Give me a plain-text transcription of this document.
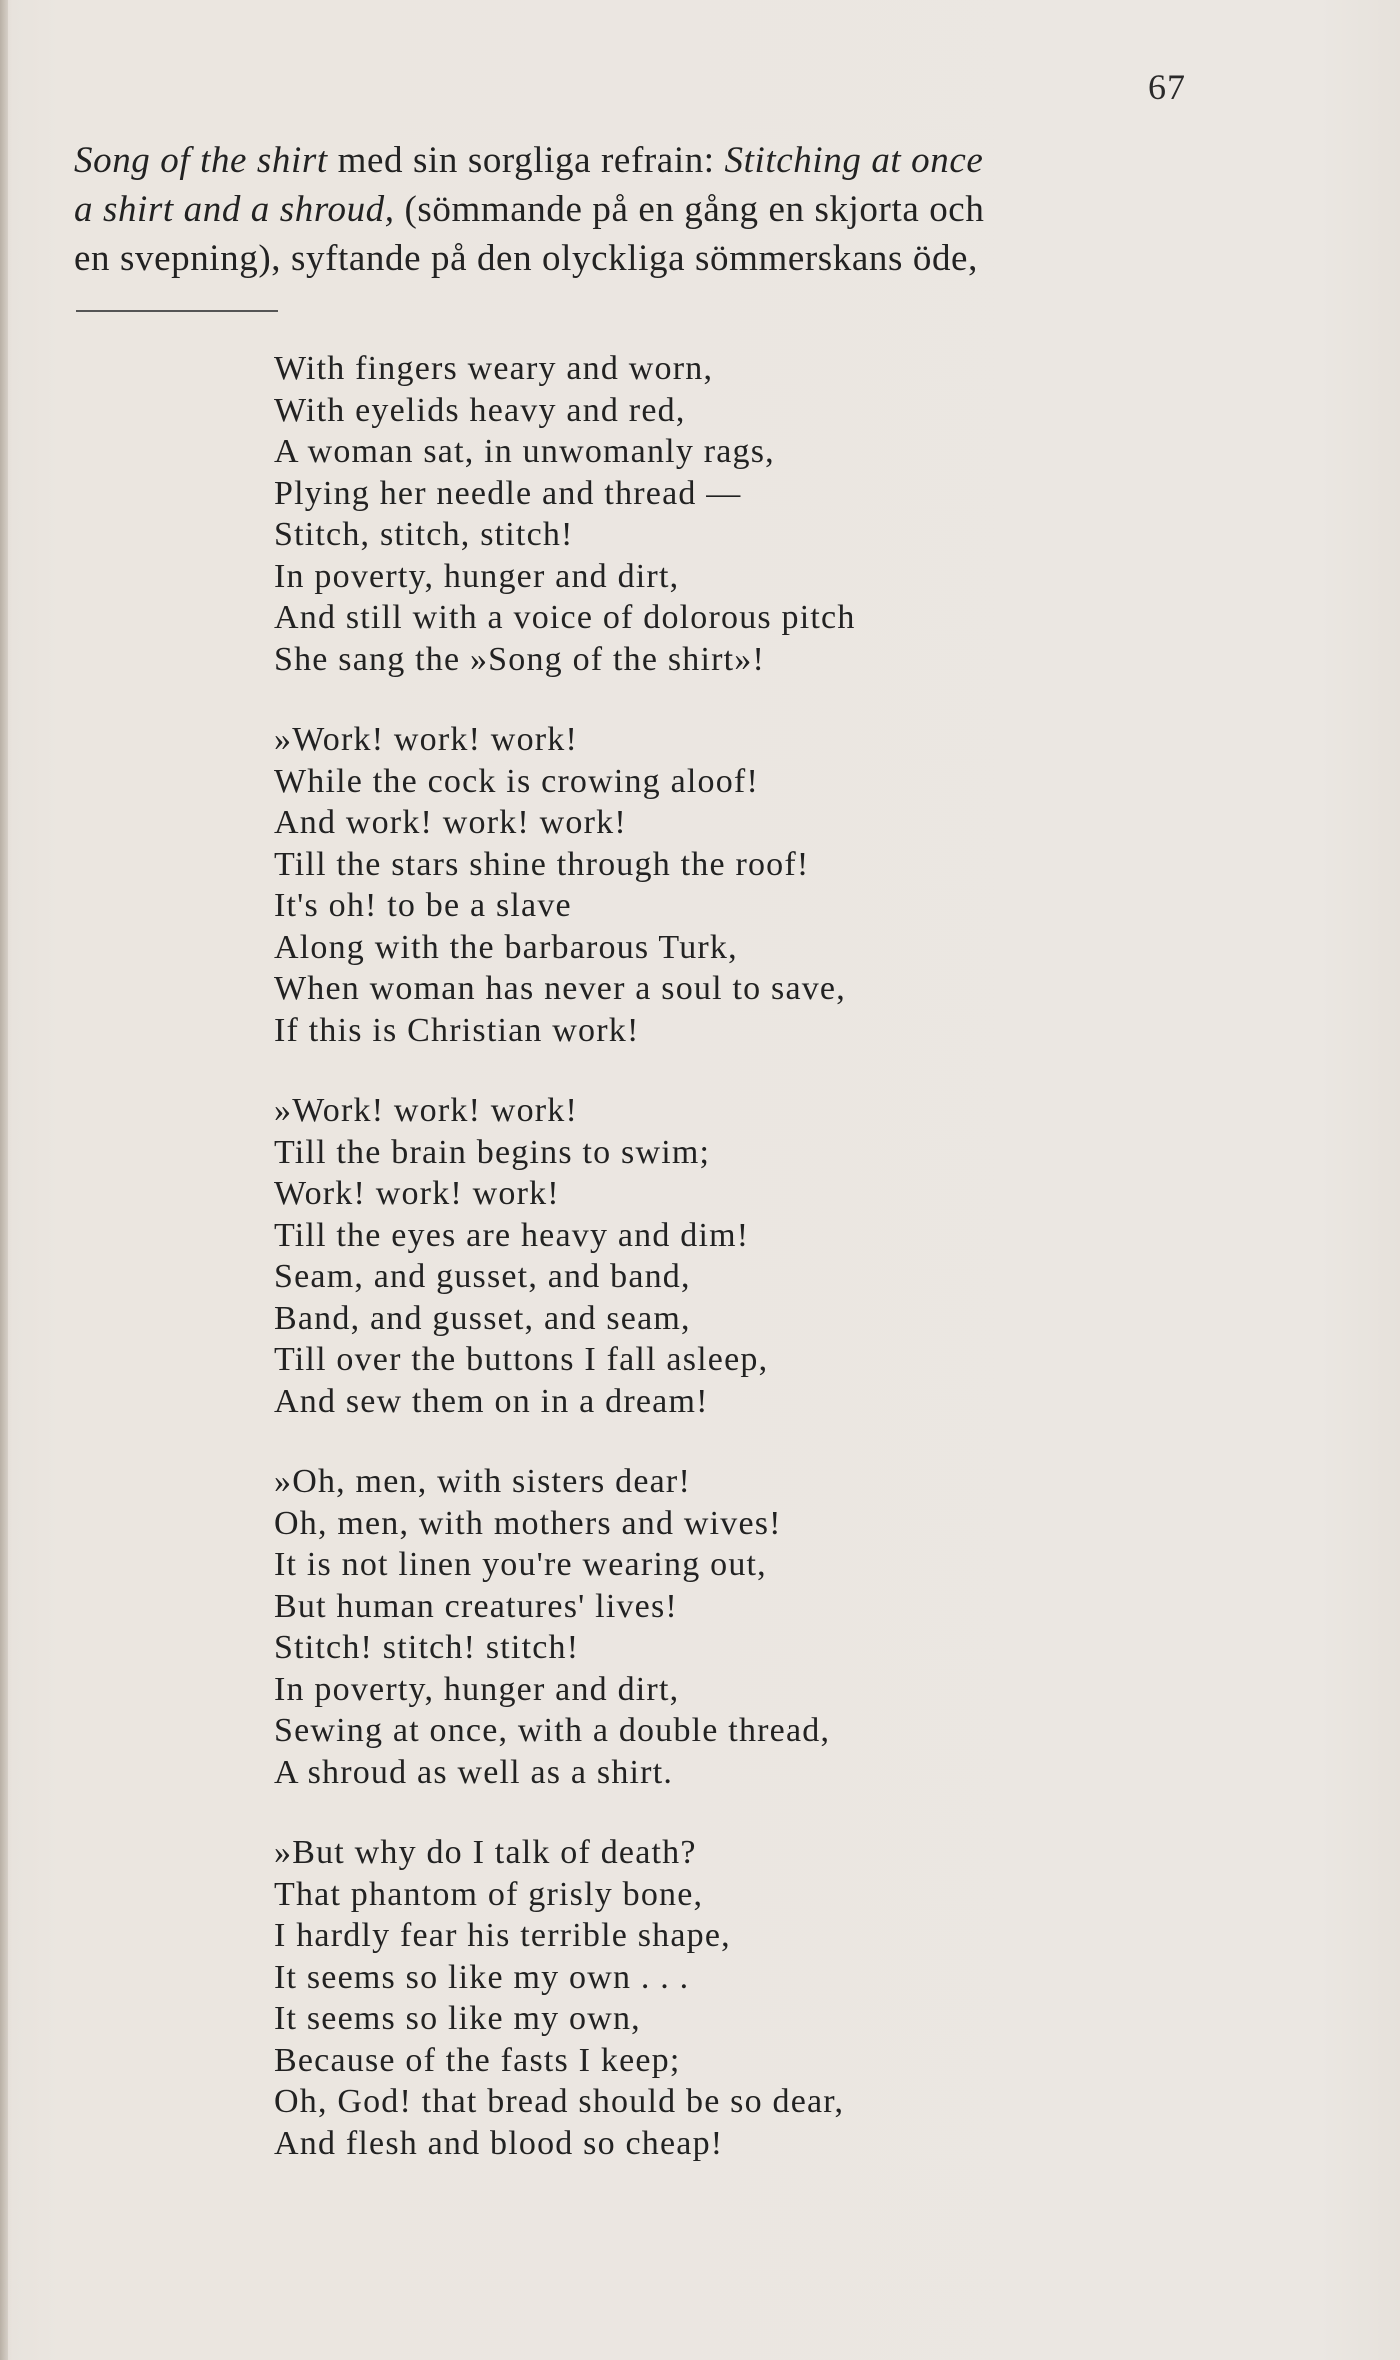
67
Song of the shirt med sin sorgliga refrain: Stitching at once
a shirt and a shroud, (sömmande på en gång en skjorta och
en svepning), syftande på den olyckliga sömmerskans öde,
With fingers weary and worn,
With eyelids heavy and red,
A woman sat, in unwomanly rags,
Plying her needle and thread —
Stitch, stitch, stitch!
In poverty, hunger and dirt,
And still with a voice of dolorous pitch
She sang the »Song of the shirt»!
»Work! work! work!
While the cock is crowing aloof!
And work! work! work!
Till the stars shine through the roof!
It's oh! to be a slave
Along with the barbarous Turk,
When woman has never a soul to save,
If this is Christian work!
»Work! work! work!
Till the brain begins to swim;
Work! work! work!
Till the eyes are heavy and dim!
Seam, and gusset, and band,
Band, and gusset, and seam,
Till over the buttons I fall asleep,
And sew them on in a dream!
»Oh, men, with sisters dear!
Oh, men, with mothers and wives!
It is not linen you're wearing out,
But human creatures' lives!
Stitch! stitch! stitch!
In poverty, hunger and dirt,
Sewing at once, with a double thread,
A shroud as well as a shirt.
»But why do I talk of death?
That phantom of grisly bone,
I hardly fear his terrible shape,
It seems so like my own . . .
It seems so like my own,
Because of the fasts I keep;
Oh, God! that bread should be so dear,
And flesh and blood so cheap!
